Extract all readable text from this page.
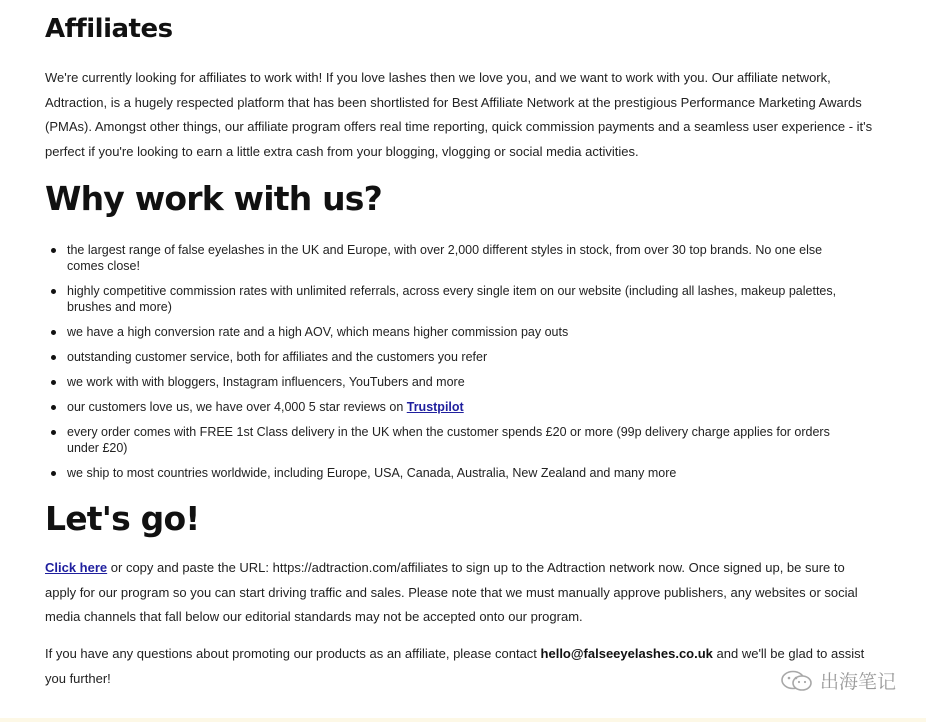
Affiliates

We're currently looking for affiliates to work with! If you love lashes then we love you, and we want to work with you. Our affiliate network, Adtraction, is a hugely respected platform that has been shortlisted for Best Affiliate Network at the prestigious Performance Marketing Awards (PMAs). Amongst other things, our affiliate program offers real time reporting, quick commission payments and a seamless user experience - it's perfect if you're looking to earn a little extra cash from your blogging, vlogging or social media activities.

Why work with us?
the largest range of false eyelashes in the UK and Europe, with over 2,000 different styles in stock, from over 30 top brands. No one else comes close!
highly competitive commission rates with unlimited referrals, across every single item on our website (including all lashes, makeup palettes, brushes and more)
we have a high conversion rate and a high AOV, which means higher commission pay outs
outstanding customer service, both for affiliates and the customers you refer
we work with with bloggers, Instagram influencers, YouTubers and more
our customers love us, we have over 4,000 5 star reviews on Trustpilot
every order comes with FREE 1st Class delivery in the UK when the customer spends £20 or more (99p delivery charge applies for orders under £20)
we ship to most countries worldwide, including Europe, USA, Canada, Australia, New Zealand and many more
Let's go!

Click here or copy and paste the URL: https://adtraction.com/affiliates to sign up to the Adtraction network now. Once signed up, be sure to apply for our program so you can start driving traffic and sales. Please note that we must manually approve publishers, any websites or social media channels that fall below our editorial standards may not be accepted onto our program.

If you have any questions about promoting our products as an affiliate, please contact hello@falseeyelashes.co.uk and we'll be glad to assist you further!	出海笔记
